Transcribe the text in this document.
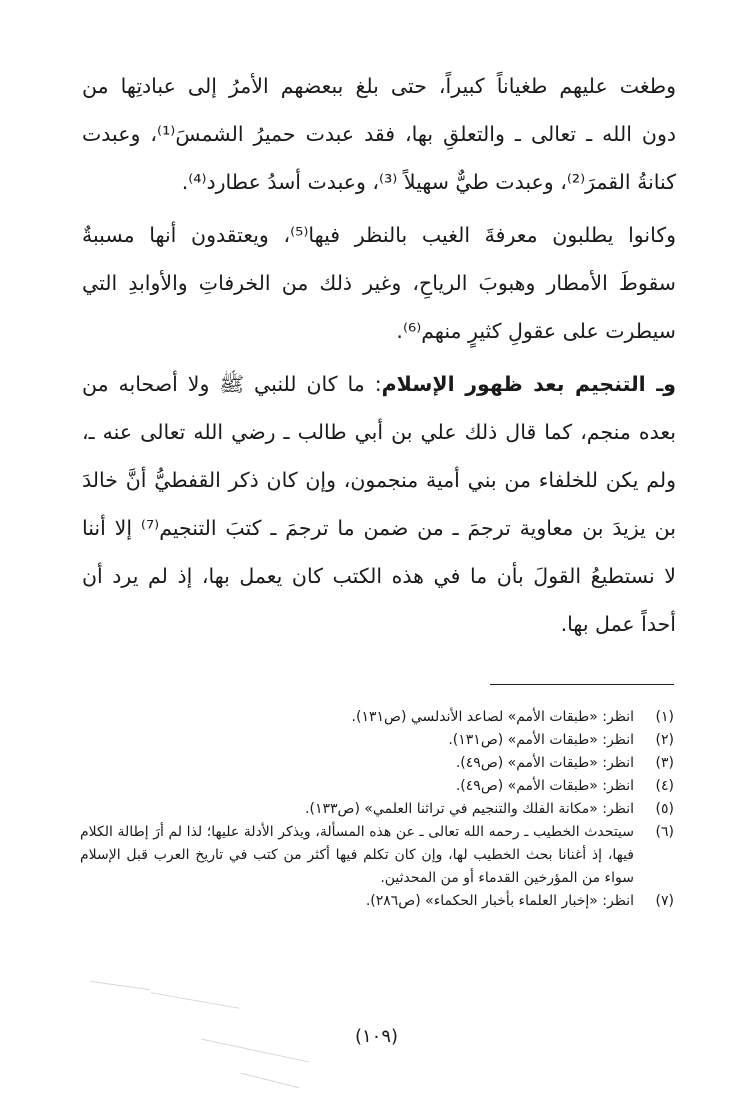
وطغت عليهم طغياناً كبيراً، حتى بلغ ببعضهم الأمرُ إلى عبادتِها من
دون الله ـ تعالى ـ والتعلقِ بها، فقد عبدت حميرُ الشمسَ⁽¹⁾، وعبدت
كنانةُ القمرَ⁽²⁾، وعبدت طيٌّ سهيلاً ⁽³⁾، وعبدت أسدُ عطارد⁽⁴⁾.
وكانوا يطلبون معرفةَ الغيب بالنظر فيها⁽⁵⁾، ويعتقدون أنها مسببةٌ
سقوطَ الأمطار وهبوبَ الرياحِ، وغير ذلك من الخرفاتِ والأوابدِ التي
سيطرت على عقولِ كثيرٍ منهم⁽⁶⁾.
وـ التنجيم بعد ظهور الإسلام: ما كان للنبي ﷺ ولا أصحابه من
بعده منجم، كما قال ذلك علي بن أبي طالب ـ رضي الله تعالى عنه ـ،
ولم يكن للخلفاء من بني أمية منجمون، وإن كان ذكر القفطيُّ أنَّ خالدَ
بن يزيدَ بن معاوية ترجمَ ـ من ضمن ما ترجمَ ـ كتبَ التنجيم⁽⁷⁾ إلا أننا
لا نستطيعُ القولَ بأن ما في هذه الكتب كان يعمل بها، إذ لم يرد أن
أحداً عمل بها.
(١)
انظر: «طبقات الأمم» لصاعد الأندلسي (ص١٣١).
(٢)
انظر: «طبقات الأمم» (ص١٣١).
(٣)
انظر: «طبقات الأمم» (ص٤٩).
(٤)
انظر: «طبقات الأمم» (ص٤٩).
(٥)
انظر: «مكانة الفلك والتنجيم في تراثنا العلمي» (ص١٣٣).
(٦)
سيتحدث الخطيب ـ رحمه الله تعالى ـ عن هذه المسألة، ويذكر الأدلة عليها؛ لذا لم أرَ إطالة الكلام فيها، إذ أغنانا بحث الخطيب لها، وإن كان تكلم فيها أكثر من كتب في تاريخ العرب قبل الإسلام سواء من المؤرخين القدماء أو من المحدثين.
(٧)
انظر: «إخبار العلماء بأخبار الحكماء» (ص٢٨٦).
(١٠٩)
